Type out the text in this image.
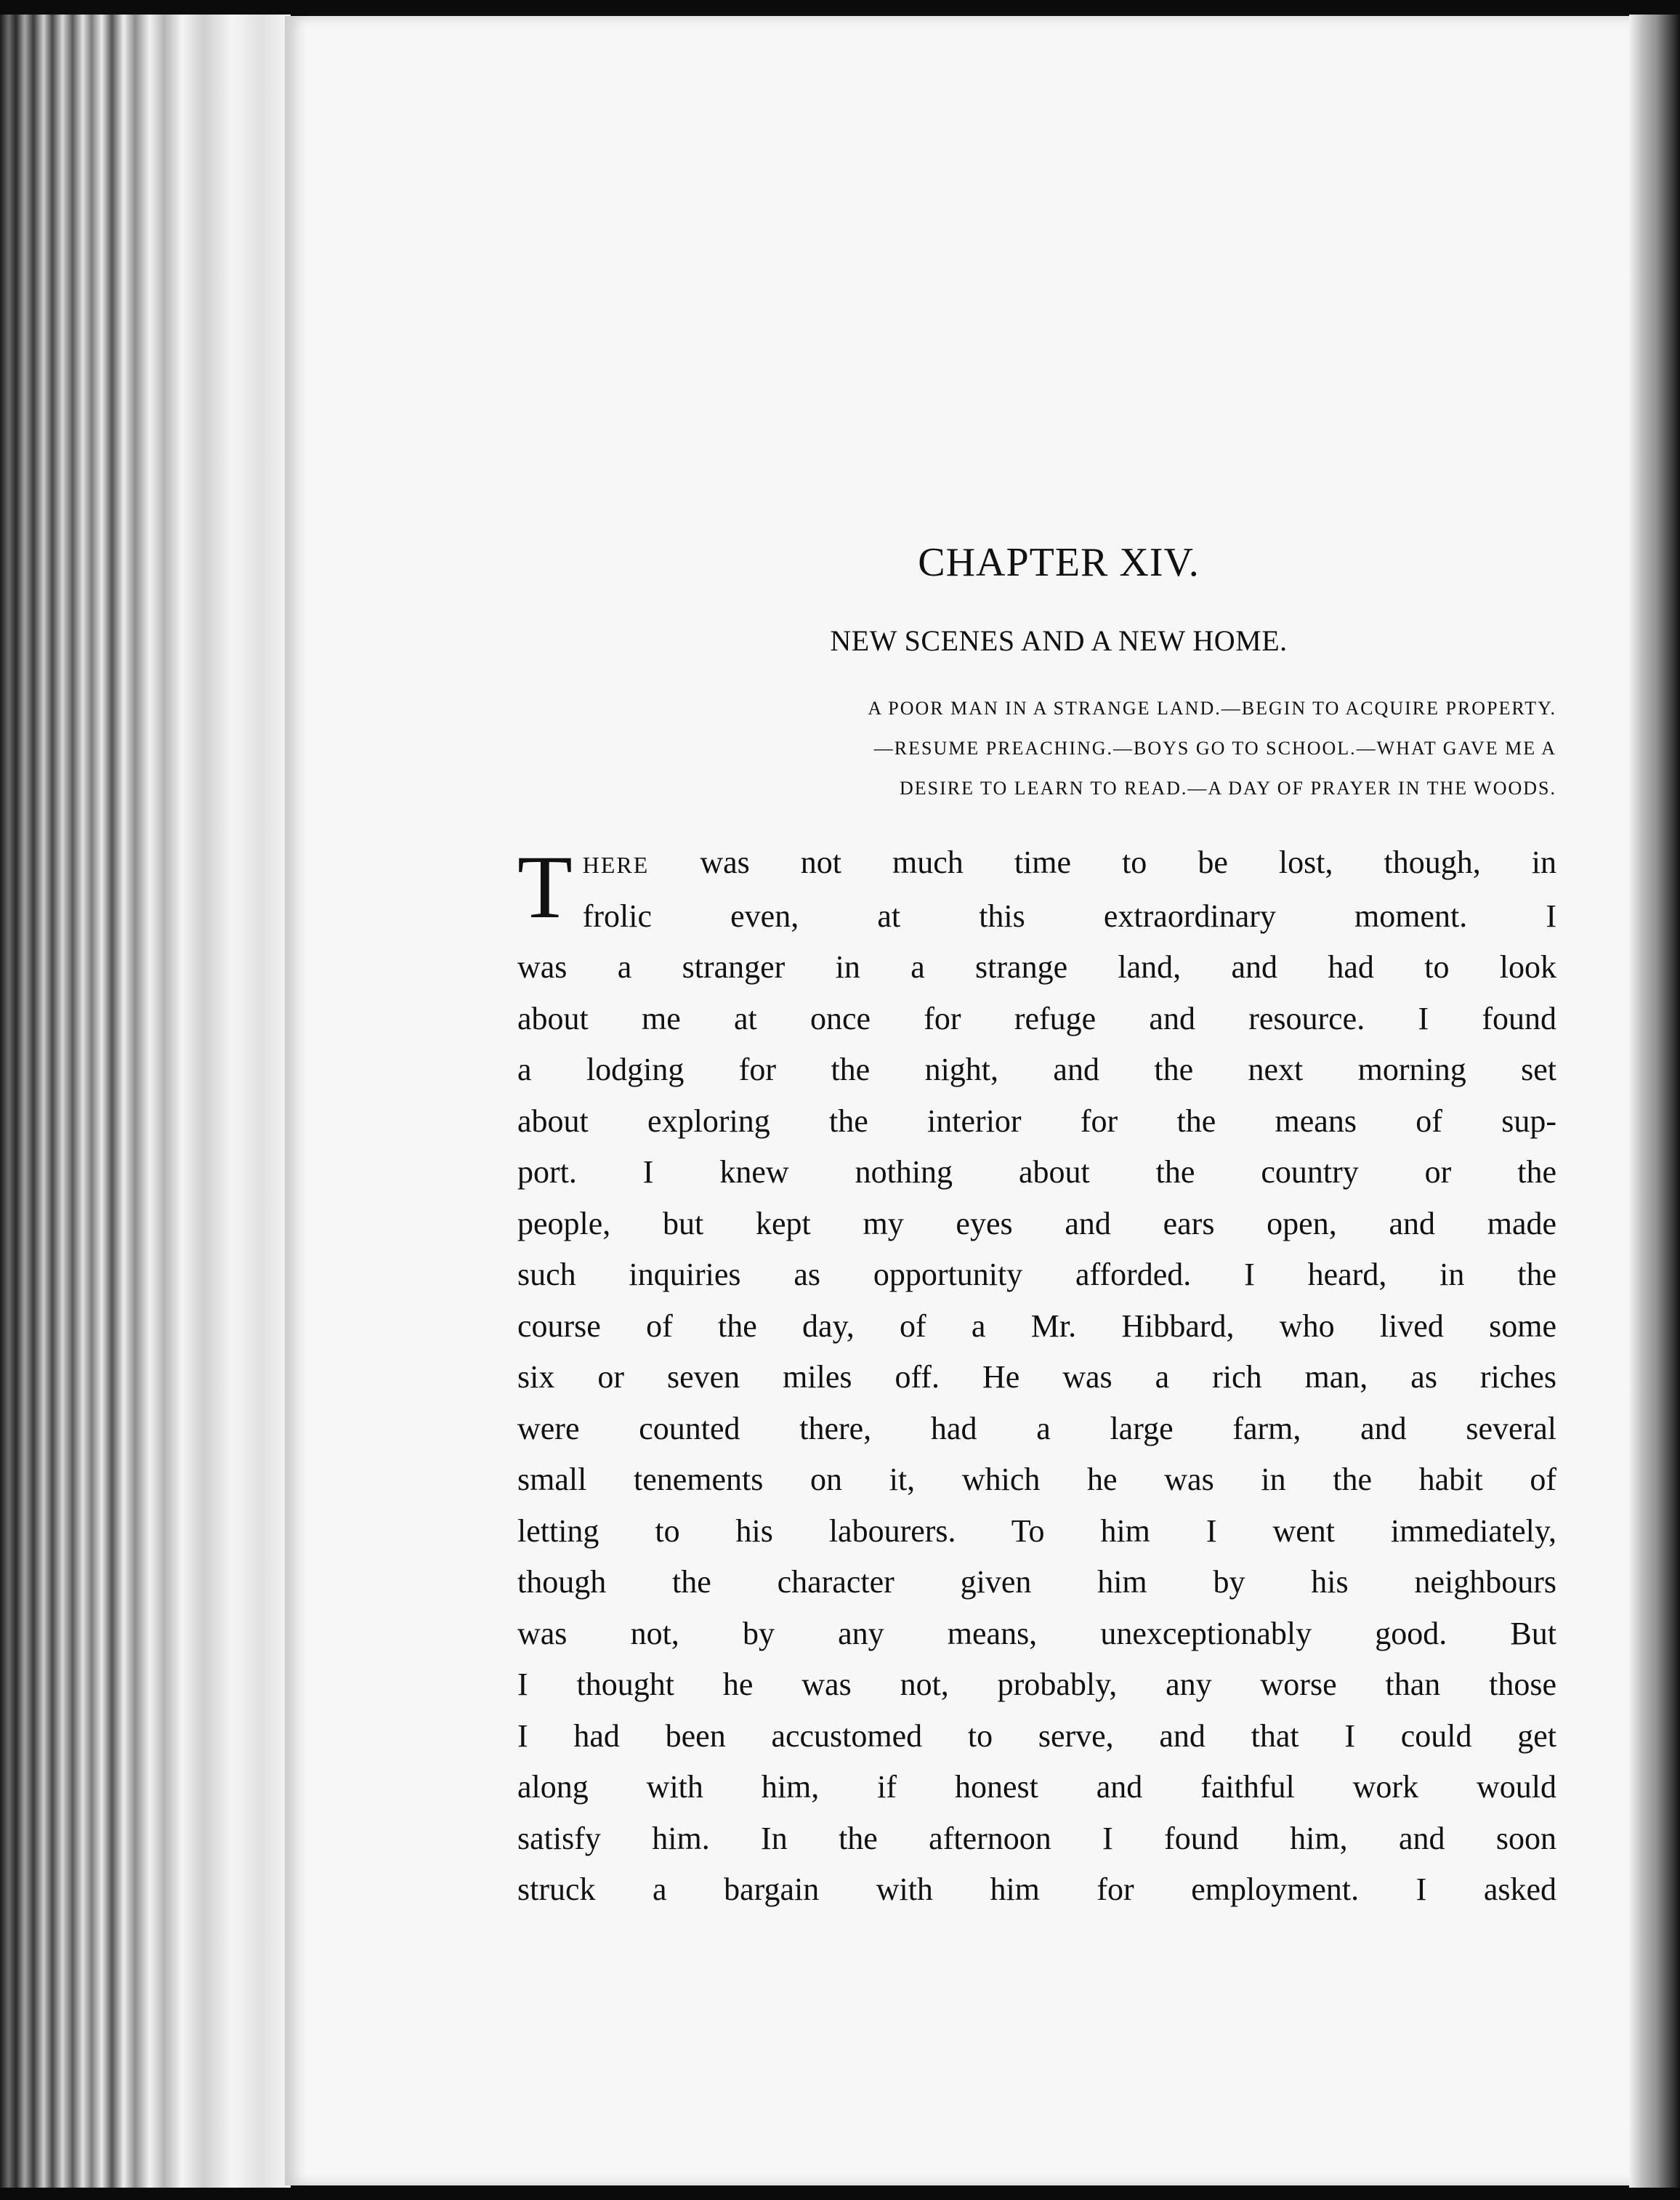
CHAPTER XIV.
NEW SCENES AND A NEW HOME.
A POOR MAN IN A STRANGE LAND.—BEGIN TO ACQUIRE PROPERTY.
—RESUME PREACHING.—BOYS GO TO SCHOOL.—WHAT GAVE ME A
DESIRE TO LEARN TO READ.—A DAY OF PRAYER IN THE WOODS.
T HERE was not much time to be lost, though, in
frolic even, at this extraordinary moment. I
was a stranger in a strange land, and had to look
about me at once for refuge and resource. I found
a lodging for the night, and the next morning set
about exploring the interior for the means of sup-
port. I knew nothing about the country or the
people, but kept my eyes and ears open, and made
such inquiries as opportunity afforded. I heard, in the
course of the day, of a Mr. Hibbard, who lived some
six or seven miles off. He was a rich man, as riches
were counted there, had a large farm, and several
small tenements on it, which he was in the habit of
letting to his labourers. To him I went immediately,
though the character given him by his neighbours
was not, by any means, unexceptionably good. But
I thought he was not, probably, any worse than those
I had been accustomed to serve, and that I could get
along with him, if honest and faithful work would
satisfy him. In the afternoon I found him, and soon
struck a bargain with him for employment. I asked
